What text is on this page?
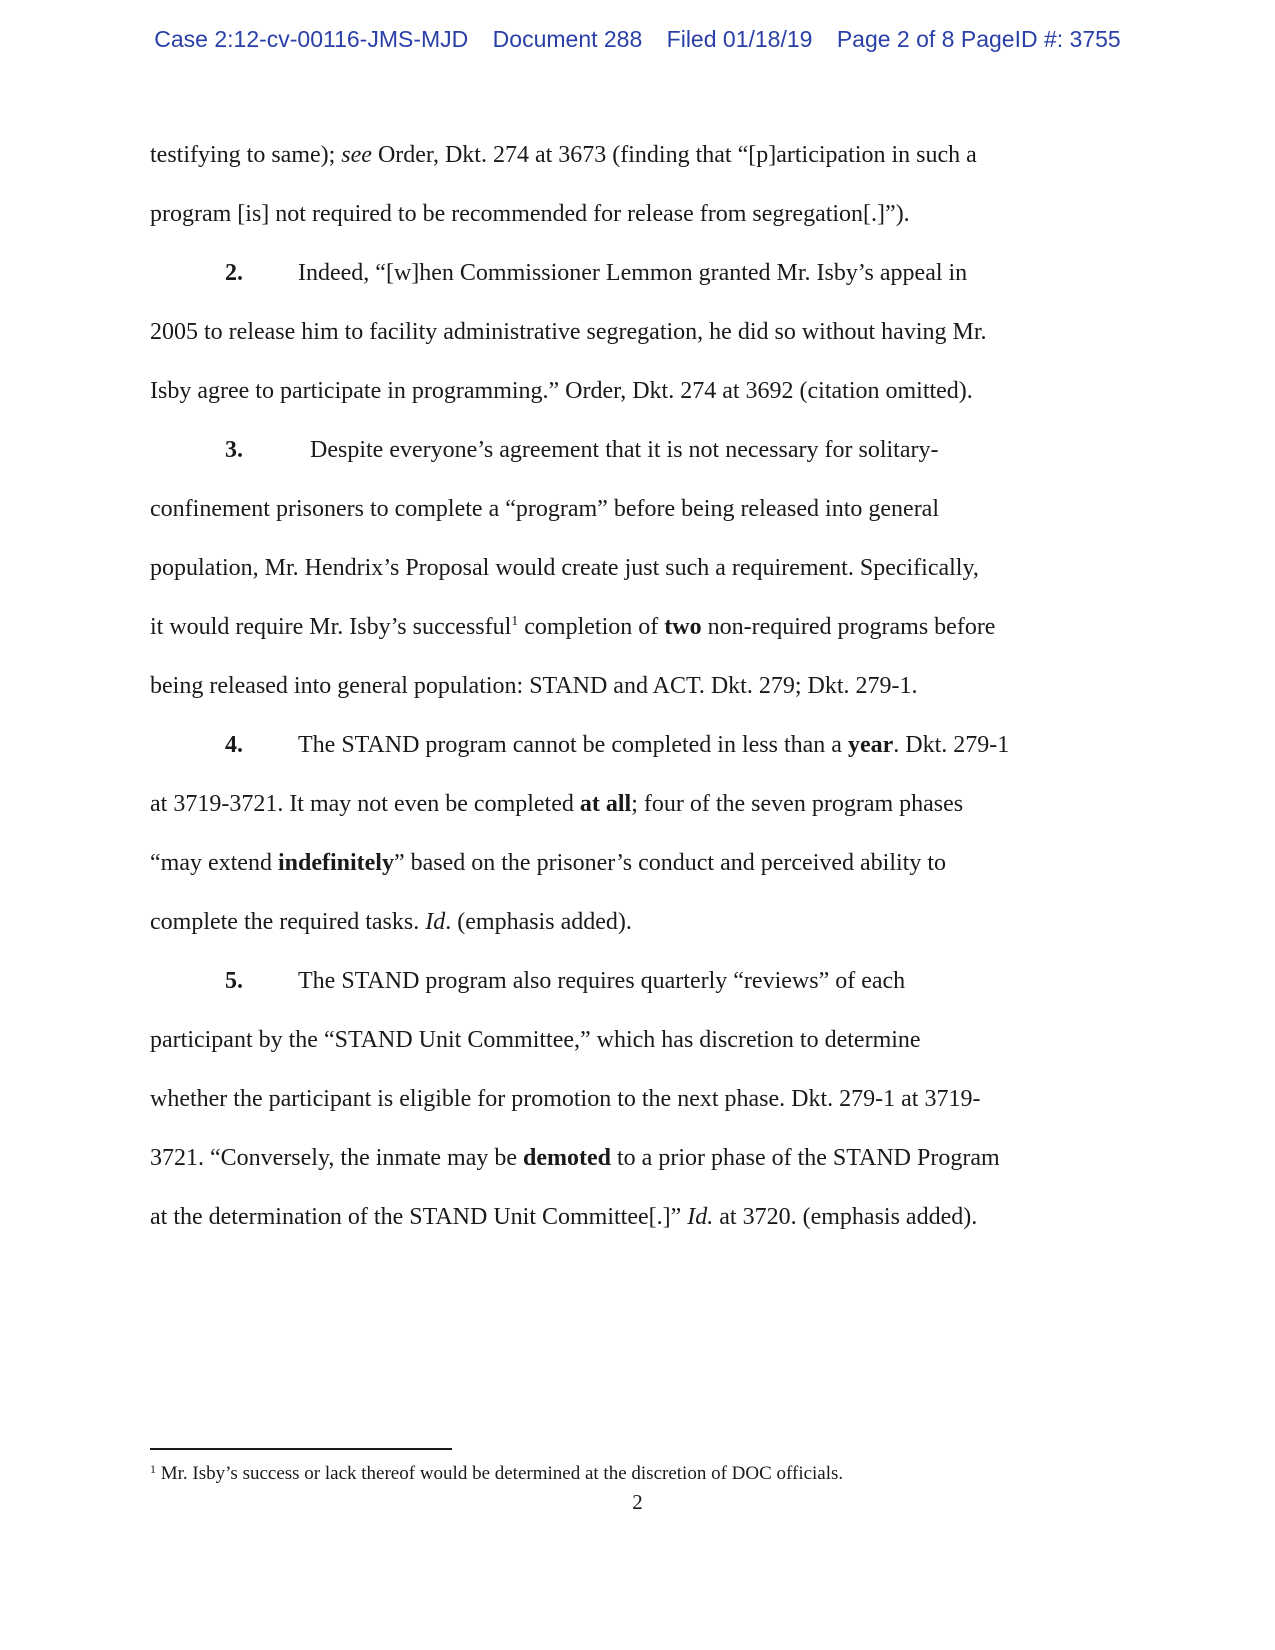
Case 2:12-cv-00116-JMS-MJD Document 288 Filed 01/18/19 Page 2 of 8 PageID #: 3755
testifying to same); see Order, Dkt. 274 at 3673 (finding that “[p]articipation in such a
program [is] not required to be recommended for release from segregation[.]”).
2. Indeed, “[w]hen Commissioner Lemmon granted Mr. Isby’s appeal in
2005 to release him to facility administrative segregation, he did so without having Mr.
Isby agree to participate in programming.” Order, Dkt. 274 at 3692 (citation omitted).
3.	Despite everyone’s agreement that it is not necessary for solitary-
confinement prisoners to complete a “program” before being released into general
population, Mr. Hendrix’s Proposal would create just such a requirement. Specifically,
it would require Mr. Isby’s successful$^1$ completion of two non-required programs before
being released into general population: STAND and ACT. Dkt. 279; Dkt. 279-1.
4. The STAND program cannot be completed in less than a year. Dkt. 279-1
at 3719-3721. It may not even be completed at all; four of the seven program phases
“may extend indefinitely” based on the prisoner’s conduct and perceived ability to
complete the required tasks. Id. (emphasis added).
5. The STAND program also requires quarterly “reviews” of each
participant by the “STAND Unit Committee,” which has discretion to determine
whether the participant is eligible for promotion to the next phase. Dkt. 279-1 at 3719-
3721. “Conversely, the inmate may be demoted to a prior phase of the STAND Program
at the determination of the STAND Unit Committee[.]” Id. at 3720. (emphasis added).
$^1$ Mr. Isby’s success or lack thereof would be determined at the discretion of DOC officials.
2
